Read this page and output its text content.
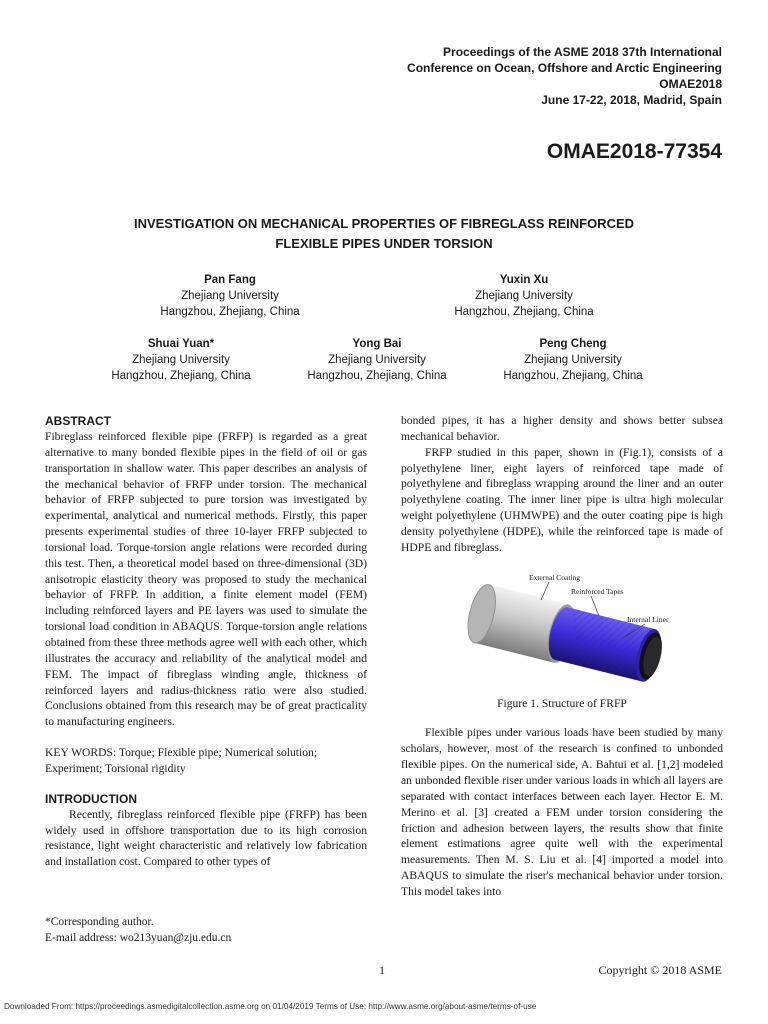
Proceedings of the ASME 2018 37th International
Conference on Ocean, Offshore and Arctic Engineering
OMAE2018
June 17-22, 2018, Madrid, Spain
OMAE2018-77354
INVESTIGATION ON MECHANICAL PROPERTIES OF FIBREGLASS REINFORCED
FLEXIBLE PIPES UNDER TORSION
Pan Fang
Zhejiang University
Hangzhou, Zhejiang, China
Yuxin Xu
Zhejiang University
Hangzhou, Zhejiang, China
Shuai Yuan*
Zhejiang University
Hangzhou, Zhejiang, China
Yong Bai
Zhejiang University
Hangzhou, Zhejiang, China
Peng Cheng
Zhejiang University
Hangzhou, Zhejiang, China
ABSTRACT

Fibreglass reinforced flexible pipe (FRFP) is regarded as a great alternative to many bonded flexible pipes in the field of oil or gas transportation in shallow water. This paper describes an analysis of the mechanical behavior of FRFP under torsion. The mechanical behavior of FRFP subjected to pure torsion was investigated by experimental, analytical and numerical methods. Firstly, this paper presents experimental studies of three 10-layer FRFP subjected to torsional load. Torque-torsion angle relations were recorded during this test. Then, a theoretical model based on three-dimensional (3D) anisotropic elasticity theory was proposed to study the mechanical behavior of FRFP. In addition, a finite element model (FEM) including reinforced layers and PE layers was used to simulate the torsional load condition in ABAQUS. Torque-torsion angle relations obtained from these three methods agree well with each other, which illustrates the accuracy and reliability of the analytical model and FEM. The impact of fibreglass winding angle, thickness of reinforced layers and radius-thickness ratio were also studied. Conclusions obtained from this research may be of great practicality to manufacturing engineers.

KEY WORDS: Torque; Flexible pipe; Numerical solution; Experiment; Torsional rigidity

INTRODUCTION

Recently, fibreglass reinforced flexible pipe (FRFP) has been widely used in offshore transportation due to its high corrosion resistance, light weight characteristic and relatively low fabrication and installation cost. Compared to other types of

bonded pipes, it has a higher density and shows better subsea mechanical behavior.

FRFP studied in this paper, shown in (Fig.1), consists of a polyethylene liner, eight layers of reinforced tape made of polyethylene and fibreglass wrapping around the liner and an outer polyethylene coating. The inner liner pipe is ultra high molecular weight polyethylene (UHMWPE) and the outer coating pipe is high density polyethylene (HDPE), while the reinforced tape is made of HDPE and fibreglass.

External Coating
Reinforced Tapes
Internal Liner

Figure 1. Structure of FRFP

Flexible pipes under various loads have been studied by many scholars, however, most of the research is confined to unbonded flexible pipes. On the numerical side, A. Bahtui et al. [1,2] modeled an unbonded flexible riser under various loads in which all layers are separated with contact interfaces between each layer. Hector E. M. Merino et al. [3] created a FEM under torsion considering the friction and adhesion between layers, the results show that finite element estimations agree quite well with the experimental measurements. Then M. S. Liu et al. [4] imported a model into ABAQUS to simulate the riser's mechanical behavior under torsion. This model takes into

*Corresponding author.
E-mail address: wo213yuan@zju.edu.cn
1	Copyright © 2018 ASME
Downloaded From: https://proceedings.asmedigitalcollection.asme.org on 01/04/2019 Terms of Use: http://www.asme.org/about-asme/terms-of-use
